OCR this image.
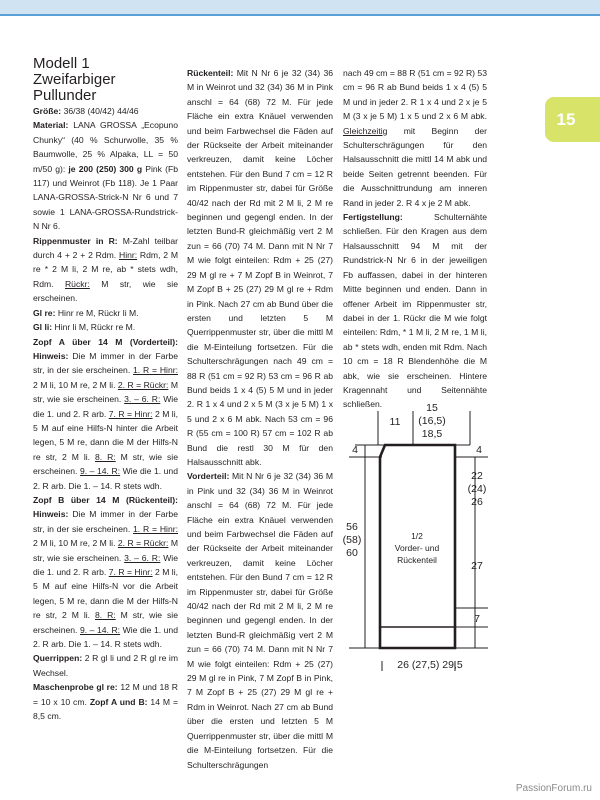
15
Modell 1
Zweifarbiger
Pullunder

Größe: 36/38 (40/42) 44/46

Material: LANA GROSSA „Ecopuno Chunky“ (40 % Schurwolle, 35 % Baumwolle, 25 % Alpaka, LL = 50 m/50 g): je 200 (250) 300 g Pink (Fb 117) und Weinrot (Fb 118). Je 1 Paar LANA-GROSSA-Strick-N Nr 6 und 7 sowie 1 LANA-GROSSA-Rundstrick-N Nr 6.

Rippenmuster in R: M-Zahl teilbar durch 4 + 2 + 2 Rdm. Hinr: Rdm, 2 M re * 2 M li, 2 M re, ab * stets wdh, Rdm. Rückr: M str, wie sie erscheinen.

Gl re: Hinr re M, Rückr li M.

Gl li: Hinr li M, Rückr re M.

Zopf A über 14 M (Vorderteil): Hinweis: Die M immer in der Farbe str, in der sie erscheinen. 1. R = Hinr: 2 M li, 10 M re, 2 M li. 2. R = Rückr: M str, wie sie erscheinen. 3. – 6. R: Wie die 1. und 2. R arb. 7. R = Hinr: 2 M li, 5 M auf eine Hilfs-N hinter die Arbeit legen, 5 M re, dann die M der Hilfs-N re str, 2 M li. 8. R: M str, wie sie erscheinen. 9. – 14. R: Wie die 1. und 2. R arb. Die 1. – 14. R stets wdh.

Zopf B über 14 M (Rückenteil): Hinweis: Die M immer in der Farbe str, in der sie erscheinen. 1. R = Hinr: 2 M li, 10 M re, 2 M li. 2. R = Rückr: M str, wie sie erscheinen. 3. – 6. R: Wie die 1. und 2. R arb. 7. R = Hinr: 2 M li, 5 M auf eine Hilfs-N vor die Arbeit legen, 5 M re, dann die M der Hilfs-N re str, 2 M li. 8. R: M str, wie sie erscheinen. 9. – 14. R: Wie die 1. und 2. R arb. Die 1. – 14. R stets wdh.

Querrippen: 2 R gl li und 2 R gl re im Wechsel.

Maschenprobe gl re: 12 M und 18 R = 10 x 10 cm. Zopf A und B: 14 M = 8,5 cm.

Rückenteil: Mit N Nr 6 je 32 (34) 36 M in Weinrot und 32 (34) 36 M in Pink anschl = 64 (68) 72 M. Für jede Fläche ein extra Knäuel verwenden und beim Farbwechsel die Fäden auf der Rückseite der Arbeit miteinander verkreuzen, damit keine Löcher entstehen. Für den Bund 7 cm = 12 R im Rippenmuster str, dabei für Größe 40/42 nach der Rd mit 2 M li, 2 M re beginnen und gegengl enden. In der letzten Bund-R gleichmäßig vert 2 M zun = 66 (70) 74 M. Dann mit N Nr 7 M wie folgt einteilen: Rdm + 25 (27) 29 M gl re + 7 M Zopf B in Weinrot, 7 M Zopf B + 25 (27) 29 M gl re + Rdm in Pink. Nach 27 cm ab Bund über die ersten und letzten 5 M Querrippenmuster str, über die mittl M die M-Einteilung fortsetzen. Für die Schulterschrägungen nach 49 cm = 88 R (51 cm = 92 R) 53 cm = 96 R ab Bund beids 1 x 4 (5) 5 M und in jeder 2. R 1 x 4 und 2 x 5 M (3 x je 5 M) 1 x 5 und 2 x 6 M abk. Nach 53 cm = 96 R (55 cm = 100 R) 57 cm = 102 R ab Bund die restl 30 M für den Halsausschnitt abk.

Vorderteil: Mit N Nr 6 je 32 (34) 36 M in Pink und 32 (34) 36 M in Weinrot anschl = 64 (68) 72 M. Für jede Fläche ein extra Knäuel verwenden und beim Farbwechsel die Fäden auf der Rückseite der Arbeit miteinander verkreuzen, damit keine Löcher entstehen. Für den Bund 7 cm = 12 R im Rippenmuster str, dabei für Größe 40/42 nach der Rd mit 2 M li, 2 M re beginnen und gegengl enden. In der letzten Bund-R gleichmäßig vert 2 M zun = 66 (70) 74 M. Dann mit N Nr 7 M wie folgt einteilen: Rdm + 25 (27) 29 M gl re in Pink, 7 M Zopf B in Pink, 7 M Zopf B + 25 (27) 29 M gl re + Rdm in Weinrot. Nach 27 cm ab Bund über die ersten und letzten 5 M Querrippenmuster str, über die mittl M die M-Einteilung fortsetzen. Für die Schulterschrägungen

nach 49 cm = 88 R (51 cm = 92 R) 53 cm = 96 R ab Bund beids 1 x 4 (5) 5 M und in jeder 2. R 1 x 4 und 2 x je 5 M (3 x je 5 M) 1 x 5 und 2 x 6 M abk. Gleichzeitig mit Beginn der Schulterschrägungen für den Halsausschnitt die mittl 14 M abk und beide Seiten getrennt beenden. Für die Ausschnittrundung am inneren Rand in jeder 2. R 4 x je 2 M abk.

Fertigstellung: Schulternähte schließen. Für den Kragen aus dem Halsausschnitt 94 M mit der Rundstrick-N Nr 6 in der jeweiligen Fb auffassen, dabei in der hinteren Mitte beginnen und enden. Dann in offener Arbeit im Rippenmuster str, dabei in der 1. Rückr die M wie folgt einteilen: Rdm, * 1 M li, 2 M re, 1 M li, ab * stets wdh, enden mit Rdm. Nach 10 cm = 18 R Blendenhöhe die M abk, wie sie erscheinen. Hintere Kragennaht und Seitennähte schließen.

11
15
(16,5)
18,5
4	4
22
(24)
26
56
(58)
60
27
7
26 (27,5) 29,5
1/2
Vorder- und
Rückenteil
PassionForum.ru
